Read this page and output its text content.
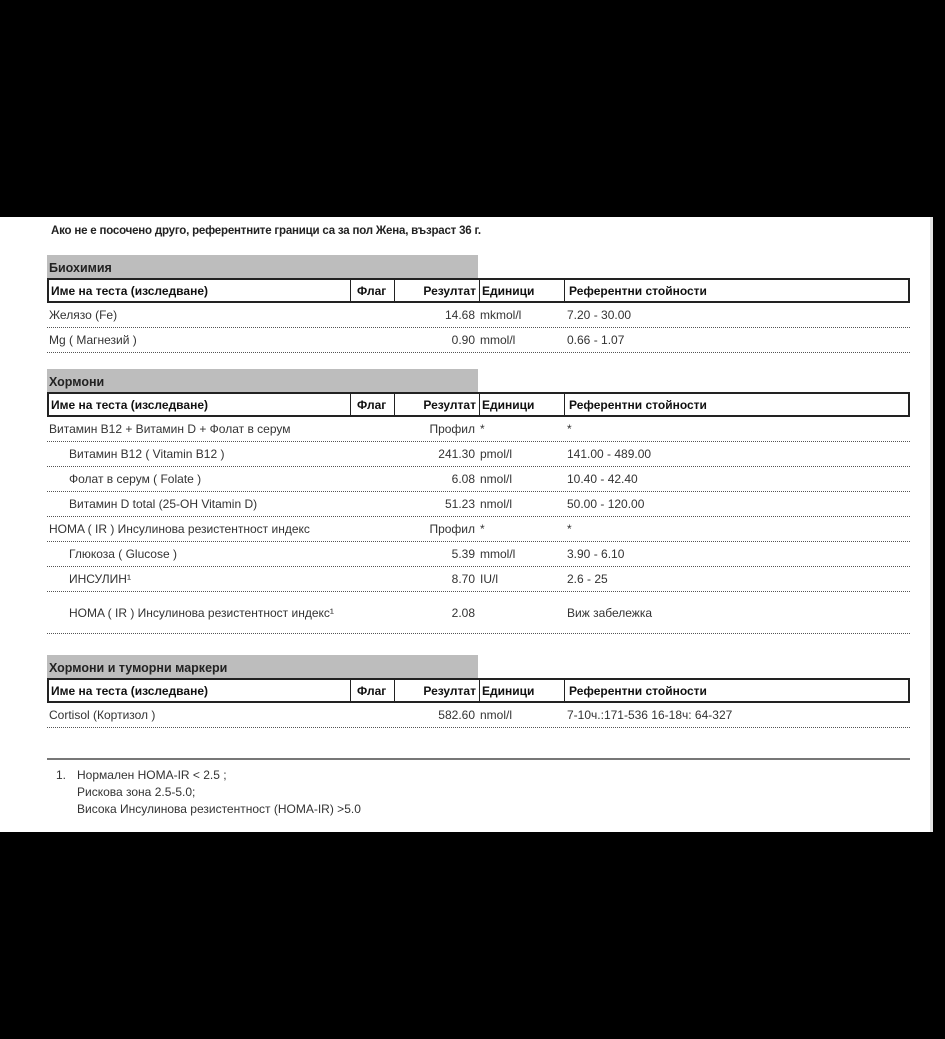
Ако не е посочено друго, референтните граници са за пол Жена, възраст 36 г.
Биохимия
Име на теста (изследване)	Флаг	Резултат Единици	Референтни стойности
Желязо (Fe)	14.68 mkmol/l	7.20 - 30.00
Mg ( Магнезий )	0.90 mmol/l	0.66 - 1.07
Хормони
Име на теста (изследване)	Флаг	Резултат Единици	Референтни стойности
Витамин B12 + Витамин D + Фолат в серум	Профил *	*
Витамин B12 ( Vitamin B12 )	241.30 pmol/l	141.00 - 489.00
Фолат в серум ( Folate )	6.08 nmol/l	10.40 - 42.40
Витамин D total (25-OH Vitamin D)	51.23 nmol/l	50.00 - 120.00
HOMA ( IR ) Инсулинова резистентност индекс	Профил *	*
Глюкоза ( Glucose )	5.39 mmol/l	3.90 - 6.10
ИНСУЛИН¹	8.70 IU/l	2.6 - 25
HOMA ( IR ) Инсулинова резистентност индекс¹	2.08	Виж забележка
Хормони и туморни маркери
Име на теста (изследване)	Флаг	Резултат Единици	Референтни стойности
Cortisol (Кортизол )	582.60 nmol/l	7-10ч.:171-536 16-18ч: 64-327
1. Нормален HOMA-IR < 2.5 ;
Рискова зона 2.5-5.0;
Висока Инсулинова резистентност (HOMA-IR) >5.0
